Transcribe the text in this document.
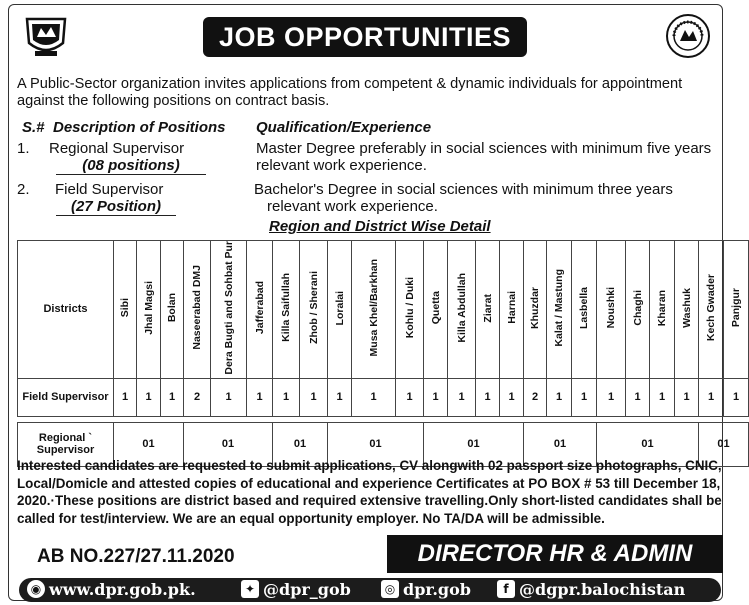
JOB OPPORTUNITIES
A Public-Sector organization invites applications from competent & dynamic individuals for appointment against the following positions on contract basis.
S.# Description of Positions Qualification/Experience
1. Regional Supervisor
(08 positions)
Master Degree preferably in social sciences with minimum five years
relevant work experience.
2. Field Supervisor
(27 Position)
Bachelor's Degree in social sciences with minimum three years
relevant work experience.
Region and District Wise Detail
Districts	Sibi	Jhal Magsi	Bolan	Naseerabad DMJ	Dera Bugti and Sohbat Pur	Jafferabad	Killa Saifullah	Zhob / Sherani	Loralai	Musa Khel/Barkhan	Kohlu / Duki	Quetta	Killa Abdullah	Ziarat	Harnai	Khuzdar	Kalat / Mastung	Lasbella	Noushki	Chaghi	Kharan	Washuk	Kech Gwader	Panjgur
Field Supervisor	1	1	1	2	1	1	1	1	1	1	1	1	1	1	1	2	1	1	1	1	1	1	1	1

Regional ` Supervisor	01			01			01		01			01				01			01				01	
Interested candidates are requested to submit applications, CV alongwith 02 passport size photographs, CNIC, Local/Domicle and attested copies of educational and experience Certificates at PO BOX # 53 till December 18, 2020.·These positions are district based and required extensive travelling.Only short-listed candidates shall be called for test/interview. We are an equal opportunity employer. No TA/DA will be admissible.
AB NO.227/27.11.2020	DIRECTOR HR & ADMIN
◉ www.dpr.gob.pk.	✦ @dpr_gob	◎ dpr.gob	f @dgpr.balochistan
